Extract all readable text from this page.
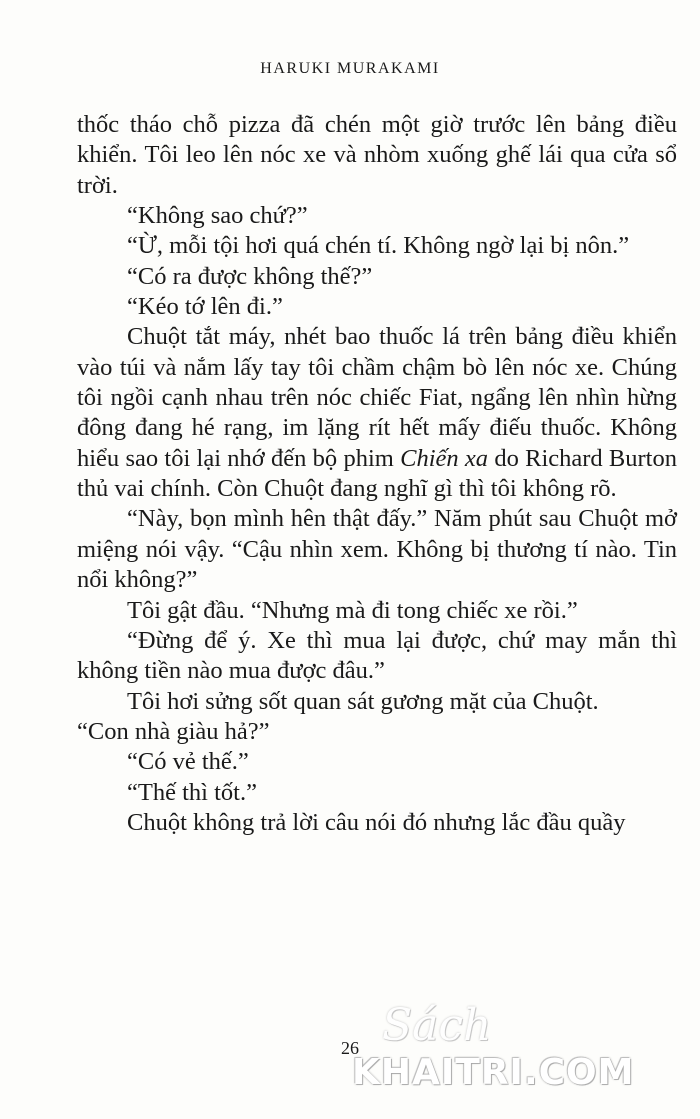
HARUKI MURAKAMI

thốc tháo chỗ pizza đã chén một giờ trước lên bảng điều khiển. Tôi leo lên nóc xe và nhòm xuống ghế lái qua cửa sổ trời.

“Không sao chứ?”

“Ừ, mỗi tội hơi quá chén tí. Không ngờ lại bị nôn.”

“Có ra được không thế?”

“Kéo tớ lên đi.”

Chuột tắt máy, nhét bao thuốc lá trên bảng điều khiển vào túi và nắm lấy tay tôi chầm chậm bò lên nóc xe. Chúng tôi ngồi cạnh nhau trên nóc chiếc Fiat, ngẩng lên nhìn hừng đông đang hé rạng, im lặng rít hết mấy điếu thuốc. Không hiểu sao tôi lại nhớ đến bộ phim Chiến xa do Richard Burton thủ vai chính. Còn Chuột đang nghĩ gì thì tôi không rõ.

“Này, bọn mình hên thật đấy.” Năm phút sau Chuột mở miệng nói vậy. “Cậu nhìn xem. Không bị thương tí nào. Tin nổi không?”

Tôi gật đầu. “Nhưng mà đi tong chiếc xe rồi.”

“Đừng để ý. Xe thì mua lại được, chứ may mắn thì không tiền nào mua được đâu.”

Tôi hơi sửng sốt quan sát gương mặt của Chuột.

“Con nhà giàu hả?”

“Có vẻ thế.”

“Thế thì tốt.”

Chuột không trả lời câu nói đó nhưng lắc đầu quầy

26 Sách
KHAITRI.COM
